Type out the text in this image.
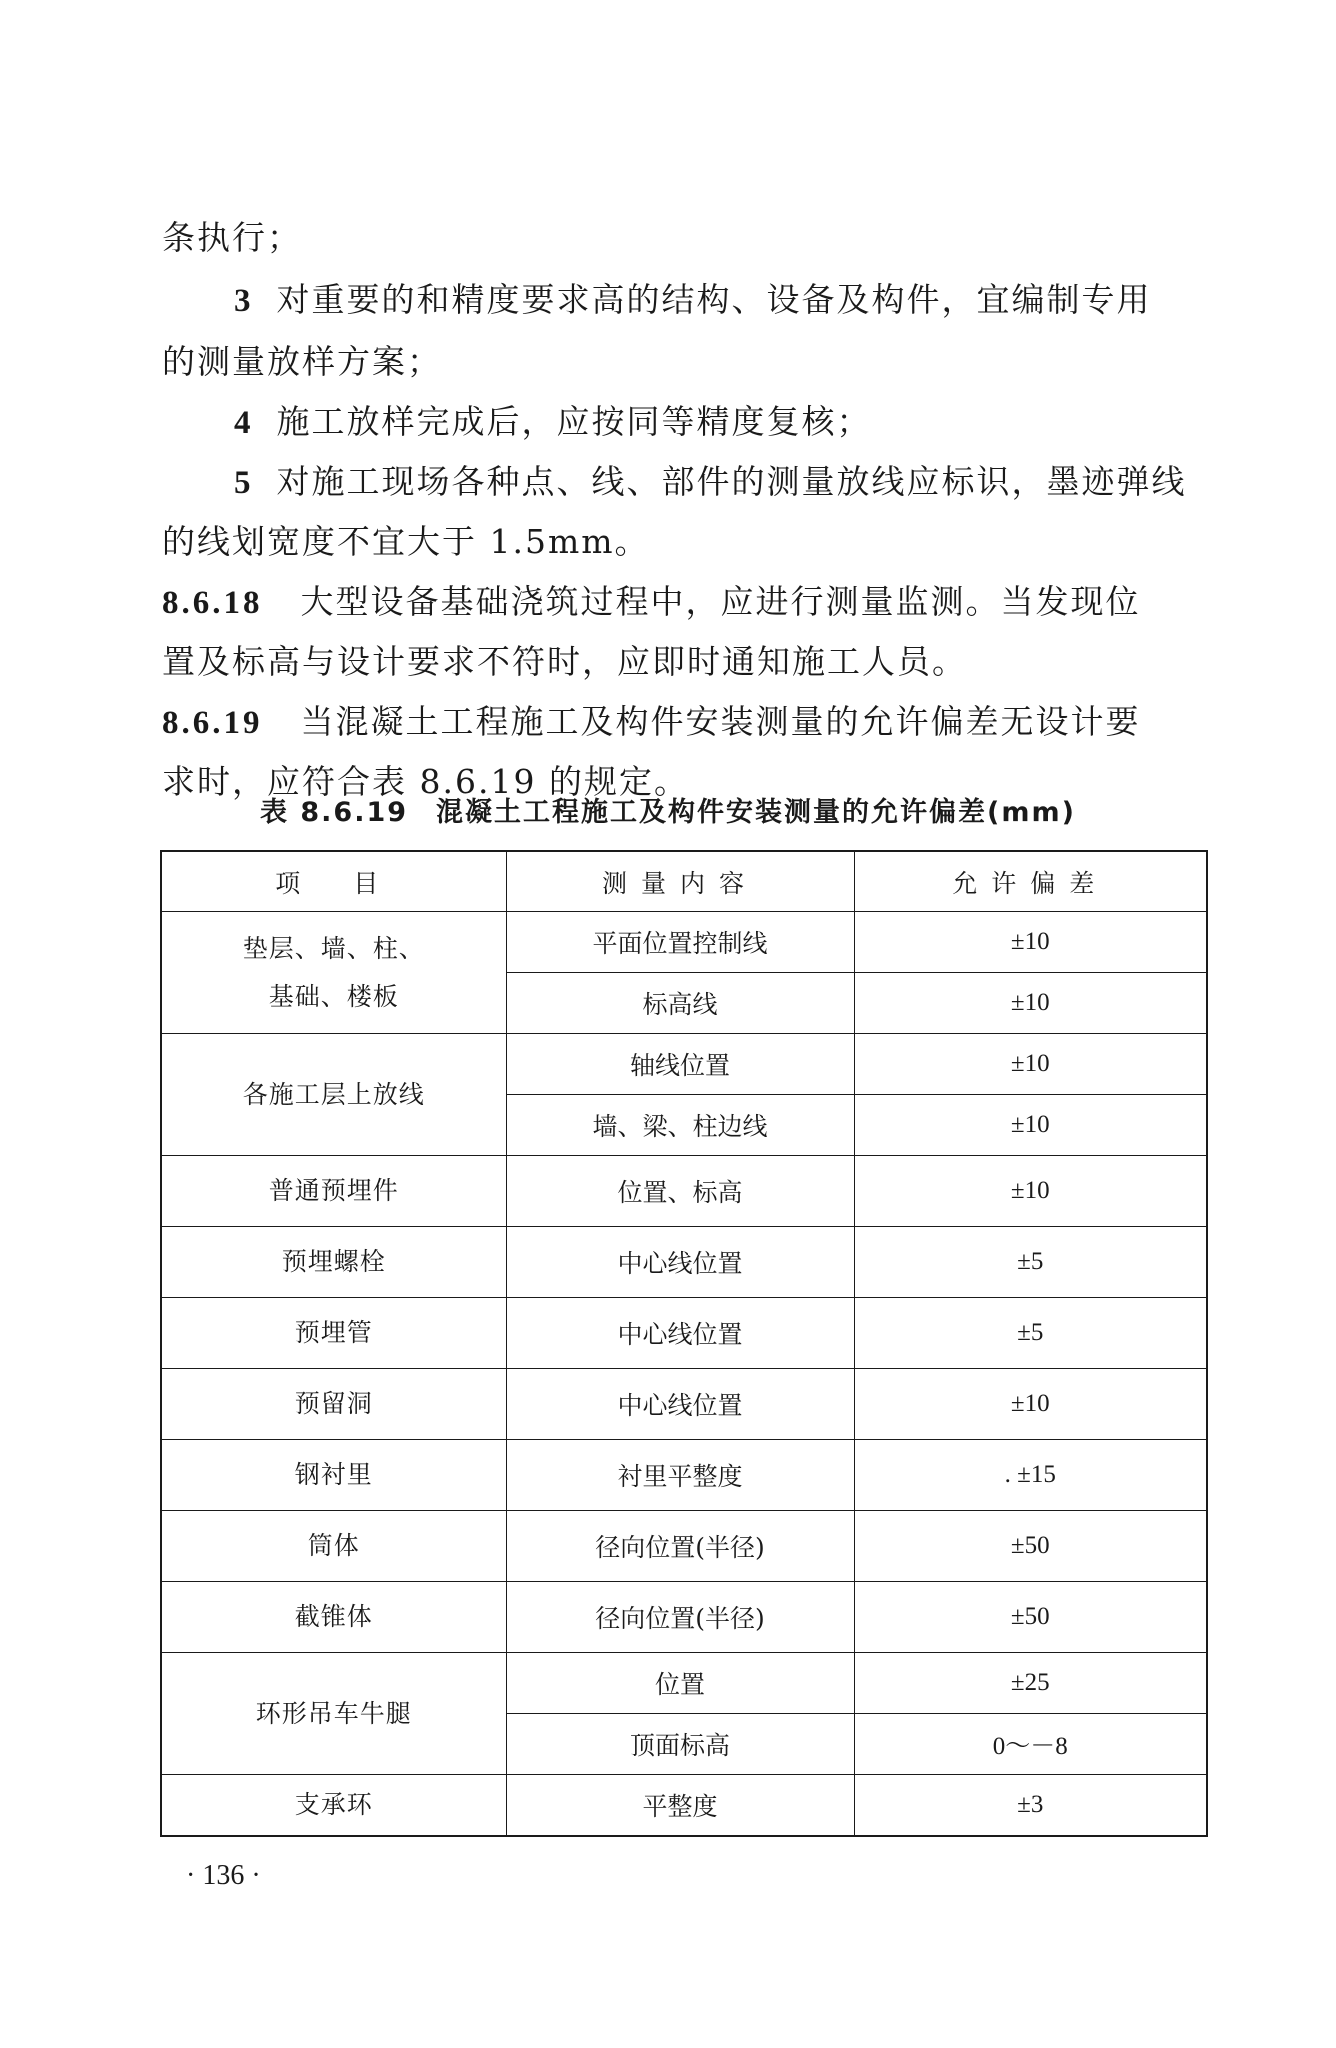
条执行；
3 对重要的和精度要求高的结构、设备及构件，宜编制专用
的测量放样方案；
4 施工放样完成后，应按同等精度复核；
5 对施工现场各种点、线、部件的测量放线应标识，墨迹弹线
的线划宽度不宜大于 1.5mm。
8.6.18 大型设备基础浇筑过程中，应进行测量监测。当发现位
置及标高与设计要求不符时，应即时通知施工人员。
8.6.19 当混凝土工程施工及构件安装测量的允许偏差无设计要
求时，应符合表 8.6.19 的规定。
表 8.6.19 混凝土工程施工及构件安装测量的允许偏差(mm)
项　目	测量内容	允许偏差

垫层、墙、柱、
基础、楼板	平面位置控制线	±10
	标高线	±10
各施工层上放线	轴线位置	±10
	墙、梁、柱边线	±10
普通预埋件	位置、标高	±10
预埋螺栓	中心线位置	±5
预埋管	中心线位置	±5
预留洞	中心线位置	±10
钢衬里	衬里平整度	. ±15
筒体	径向位置(半径)	±50
截锥体	径向位置(半径)	±50
环形吊车牛腿	位置	±25
	顶面标高	0～－8
支承环	平整度	±3
· 136 ·
